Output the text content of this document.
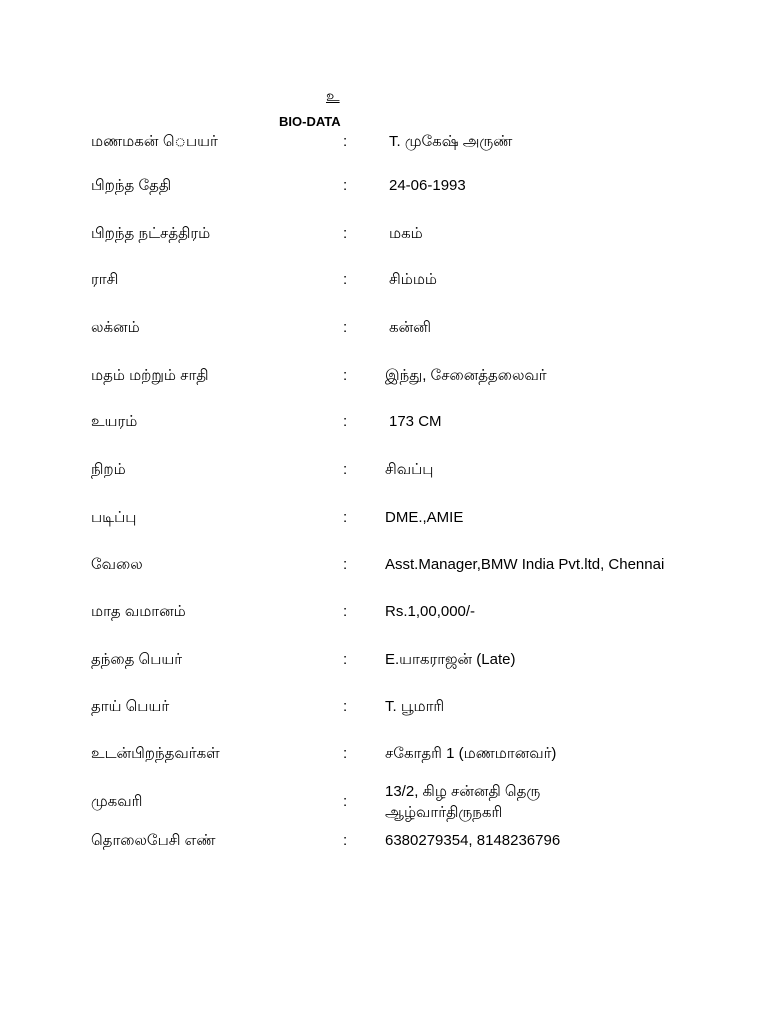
உ
BIO-DATA
மணமகன் ெபயர்	:	T. முகேஷ் அருண்
பிறந்த தேதி	:	24-06-1993
பிறந்த நட்சத்திரம்	:	மகம்
ராசி	:	சிம்மம்
லக்னம்	:	கன்னி
மதம் மற்றும் சாதி	:	இந்து, சேனைத்தலைவர்
உயரம்	:	173 CM
நிறம்	:	சிவப்பு
படிப்பு	:	DME.,AMIE
வேலை	:	Asst.Manager,BMW India Pvt.ltd, Chennai
மாத வமானம்	:	Rs.1,00,000/-
தந்தை பெயர்	:	E.யாகராஜன் (Late)
தாய் பெயர்	:	T. பூமாரி
உடன்பிறந்தவர்கள்	:	சகோதரி 1 (மணமானவர்)
முகவரி	:
13/2, கிழ சன்னதி தெரு
ஆழ்வார்திருநகரி
தொலைபேசி எண்	:	6380279354, 8148236796
